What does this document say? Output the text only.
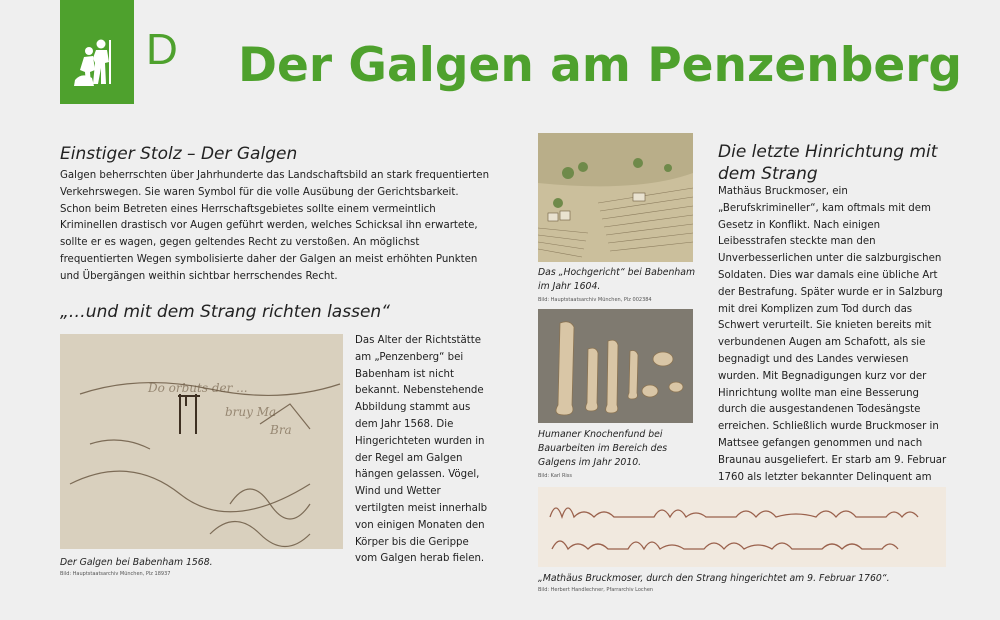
D Der Galgen am Penzenberg
Einstiger Stolz – Der Galgen
Galgen beherrschten über Jahrhunderte das Landschaftsbild an stark frequentierten Verkehrswegen. Sie waren Symbol für die volle Ausübung der Gerichtsbarkeit. Schon beim Betreten eines Herrschaftsgebietes sollte einem vermeintlich Kriminellen drastisch vor Augen geführt werden, welches Schicksal ihn erwartete, sollte er es wagen, gegen geltendes Recht zu verstoßen. An möglichst frequentierten Wegen symbolisierte daher der Galgen an meist erhöhten Punkten und Übergängen weithin sichtbar herrschendes Recht.
„…und mit dem Strang richten lassen“
Do orbuts der ...
bruy Ma
Bra
Der Galgen bei Babenham 1568.
Bild: Hauptstaatsarchiv München, Plz 18937
Das Alter der Richtstätte am „Penzenberg“ bei Babenham ist nicht bekannt. Nebenstehende Abbildung stammt aus dem Jahr 1568. Die Hingerichteten wurden in der Regel am Galgen hängen gelassen. Vögel, Wind und Wetter vertilgten meist innerhalb von einigen Monaten den Körper bis die Gerippe vom Galgen herab fielen.
Das „Hochgericht“ bei Babenham im Jahr 1604.
Bild: Hauptstaatsarchiv München, Plz 002384
Humaner Knochenfund bei Bauarbeiten im Bereich des Galgens im Jahr 2010.
Bild: Karl Riss
Die letzte Hinrichtung mit dem Strang
Mathäus Bruckmoser, ein „Berufskrimineller“, kam oftmals mit dem Gesetz in Konflikt. Nach einigen Leibesstrafen steckte man den Unverbesserlichen unter die salzburgischen Soldaten. Dies war damals eine übliche Art der Bestrafung. Später wurde er in Salzburg mit drei Komplizen zum Tod durch das Schwert verurteilt. Sie knieten bereits mit verbundenen Augen am Schafott, als sie begnadigt und des Landes verwiesen wurden. Mit Begnadigungen kurz vor der Hinrichtung wollte man eine Besserung durch die ausgestandenen Todesängste erreichen. Schließlich wurde Bruckmoser in Mattsee gefangen genommen und nach Braunau ausgeliefert. Er starb am 9. Februar 1760 als letzter bekannter Delinquent am
„Mathäus Bruckmoser, durch den Strang hingerichtet am 9. Februar 1760“.
Bild: Herbert Handlechner, Pfarrarchiv Lochen
